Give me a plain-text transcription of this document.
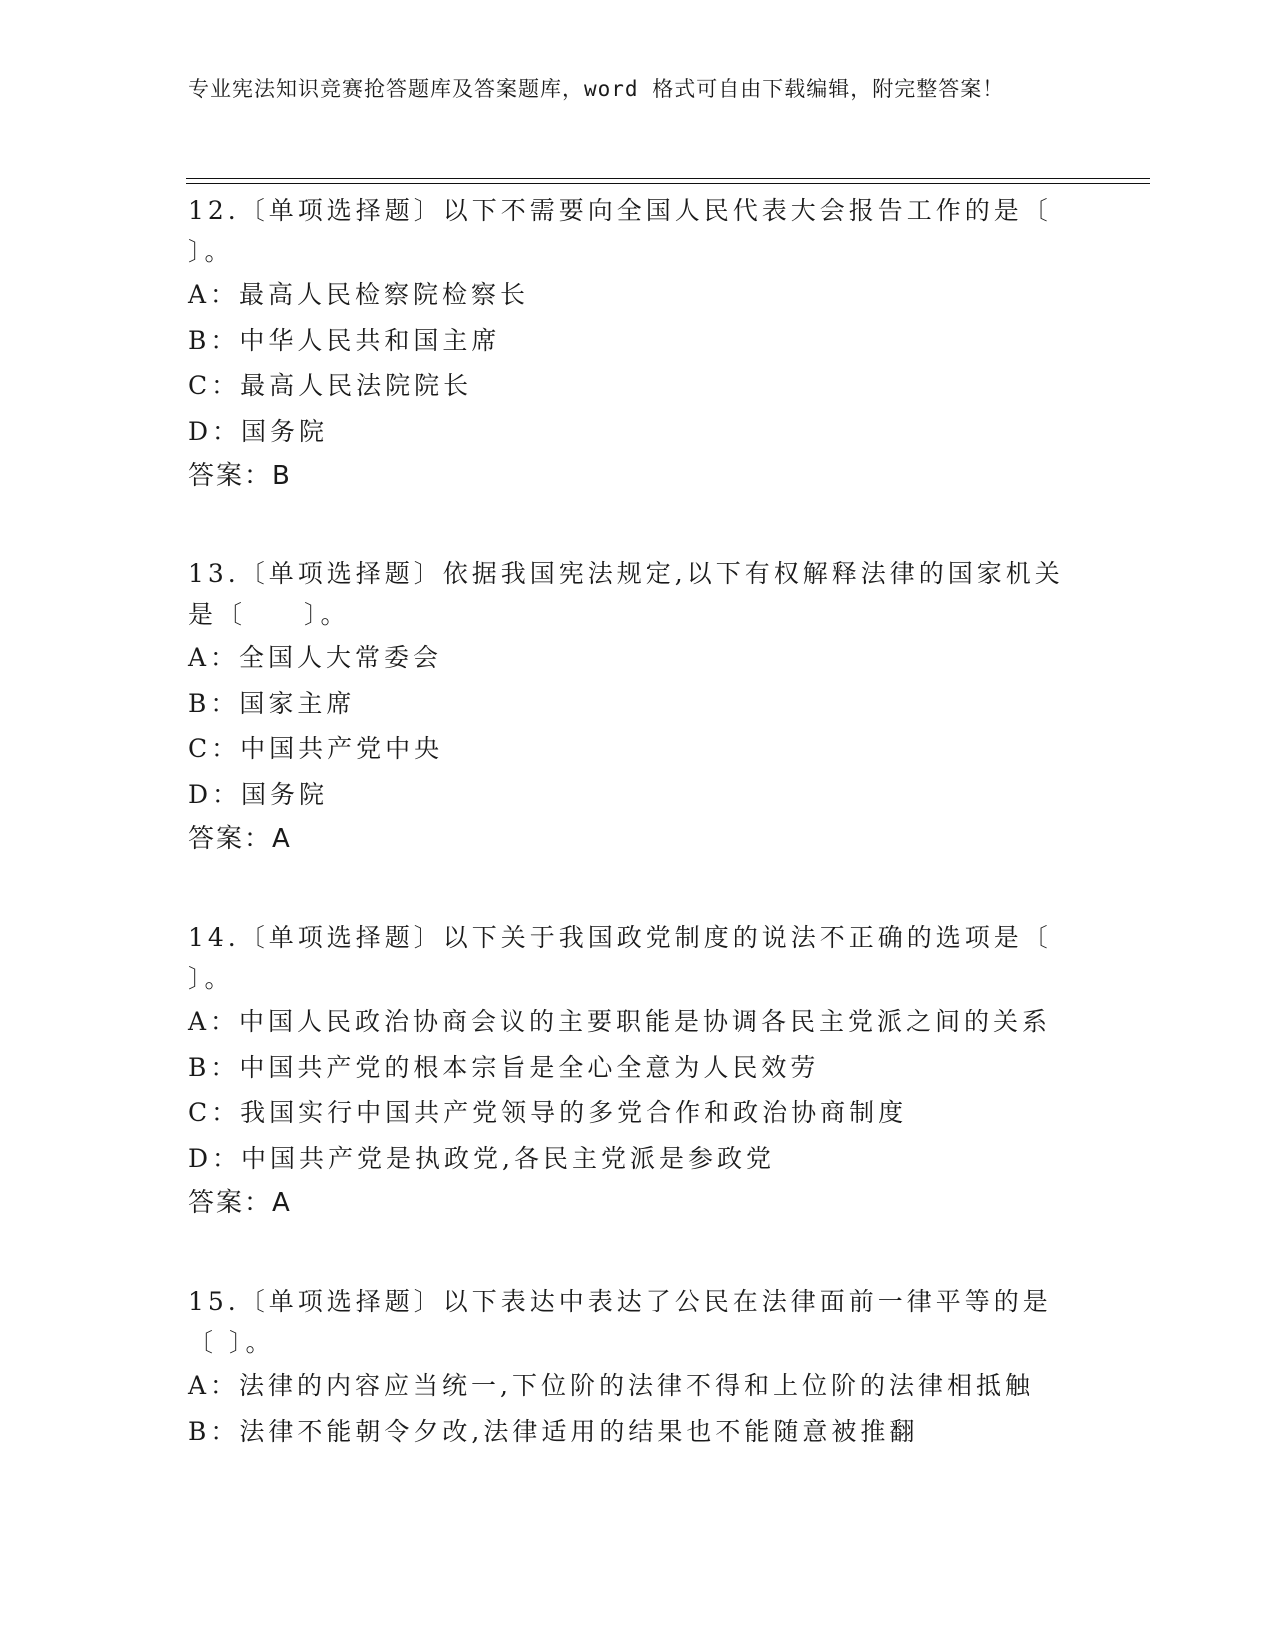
专业宪法知识竞赛抢答题库及答案题库，word 格式可自由下载编辑，附完整答案！

12.〔单项选择题〕以下不需要向全国人民代表大会报告工作的是〔 〕。

A：最高人民检察院检察长

B：中华人民共和国主席

C：最高人民法院院长

D：国务院

答案：B

13.〔单项选择题〕依据我国宪法规定,以下有权解释法律的国家机关是〔　　〕。

A：全国人大常委会

B：国家主席

C：中国共产党中央

D：国务院

答案：A

14.〔单项选择题〕以下关于我国政党制度的说法不正确的选项是〔 〕。

A：中国人民政治协商会议的主要职能是协调各民主党派之间的关系

B：中国共产党的根本宗旨是全心全意为人民效劳

C：我国实行中国共产党领导的多党合作和政治协商制度

D：中国共产党是执政党,各民主党派是参政党

答案：A

15.〔单项选择题〕以下表达中表达了公民在法律面前一律平等的是〔 〕。

A：法律的内容应当统一,下位阶的法律不得和上位阶的法律相抵触

B：法律不能朝令夕改,法律适用的结果也不能随意被推翻
